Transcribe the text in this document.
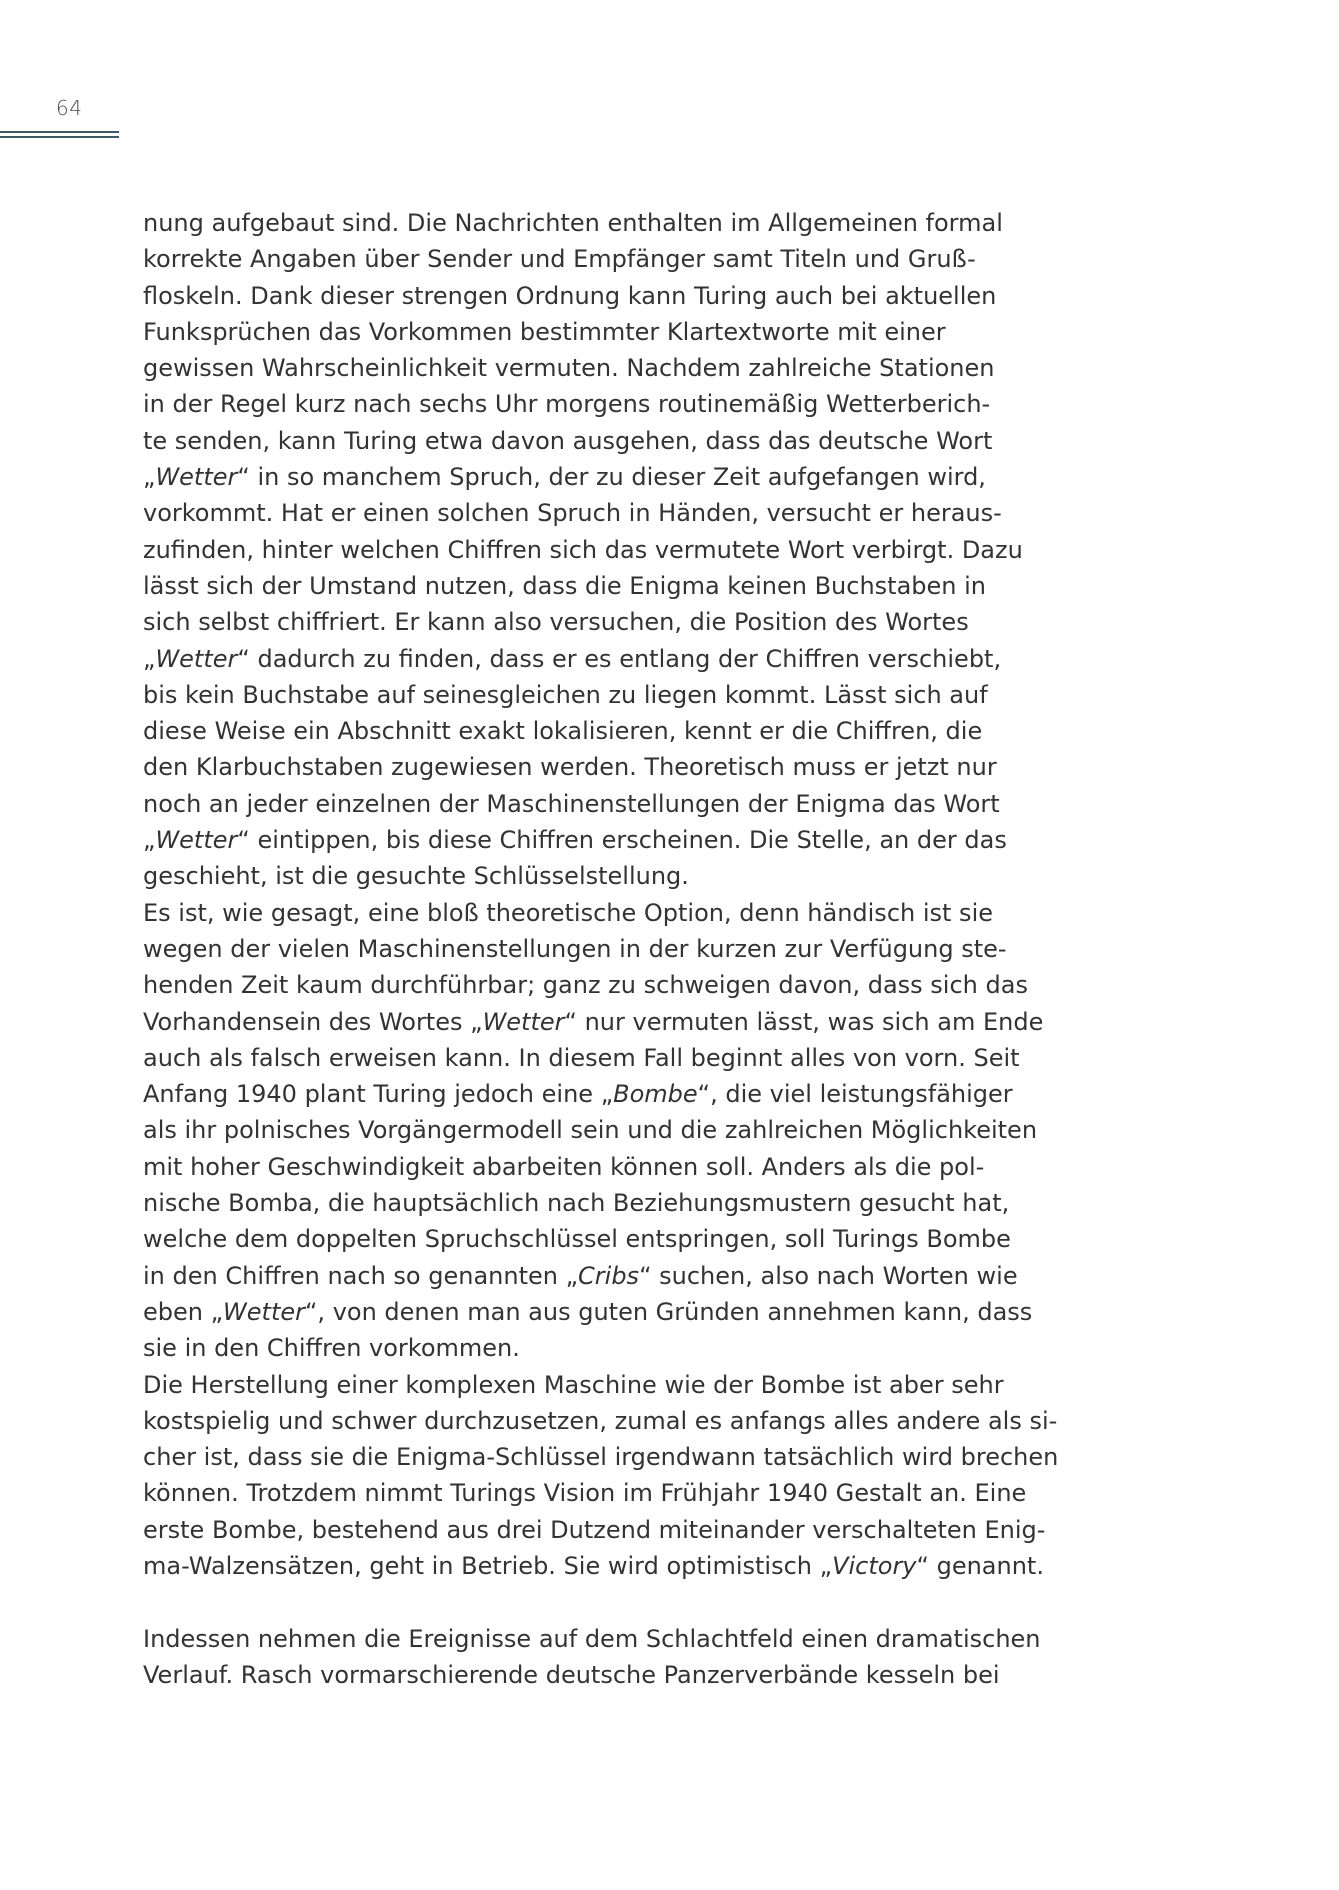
64
nung aufgebaut sind. Die Nachrichten enthalten im Allgemeinen formal
korrekte Angaben über Sender und Empfänger samt Titeln und Gruß-
floskeln. Dank dieser strengen Ordnung kann Turing auch bei aktuellen
Funksprüchen das Vorkommen bestimmter Klartextworte mit einer
gewissen Wahrscheinlichkeit vermuten. Nachdem zahlreiche Stationen
in der Regel kurz nach sechs Uhr morgens routinemäßig Wetterberich-
te senden, kann Turing etwa davon ausgehen, dass das deutsche Wort
„Wetter“ in so manchem Spruch, der zu dieser Zeit aufgefangen wird,
vorkommt. Hat er einen solchen Spruch in Händen, versucht er heraus-
zufinden, hinter welchen Chiffren sich das vermutete Wort verbirgt. Dazu
lässt sich der Umstand nutzen, dass die Enigma keinen Buchstaben in
sich selbst chiffriert. Er kann also versuchen, die Position des Wortes
„Wetter“ dadurch zu finden, dass er es entlang der Chiffren verschiebt,
bis kein Buchstabe auf seinesgleichen zu liegen kommt. Lässt sich auf
diese Weise ein Abschnitt exakt lokalisieren, kennt er die Chiffren, die
den Klarbuchstaben zugewiesen werden. Theoretisch muss er jetzt nur
noch an jeder einzelnen der Maschinenstellungen der Enigma das Wort
„Wetter“ eintippen, bis diese Chiffren erscheinen. Die Stelle, an der das
geschieht, ist die gesuchte Schlüsselstellung.
Es ist, wie gesagt, eine bloß theoretische Option, denn händisch ist sie
wegen der vielen Maschinenstellungen in der kurzen zur Verfügung ste-
henden Zeit kaum durchführbar; ganz zu schweigen davon, dass sich das
Vorhandensein des Wortes „Wetter“ nur vermuten lässt, was sich am Ende
auch als falsch erweisen kann. In diesem Fall beginnt alles von vorn. Seit
Anfang 1940 plant Turing jedoch eine „Bombe“, die viel leistungsfähiger
als ihr polnisches Vorgängermodell sein und die zahlreichen Möglichkeiten
mit hoher Geschwindigkeit abarbeiten können soll. Anders als die pol-
nische Bomba, die hauptsächlich nach Beziehungsmustern gesucht hat,
welche dem doppelten Spruchschlüssel entspringen, soll Turings Bombe
in den Chiffren nach so genannten „Cribs“ suchen, also nach Worten wie
eben „Wetter“, von denen man aus guten Gründen annehmen kann, dass
sie in den Chiffren vorkommen.
Die Herstellung einer komplexen Maschine wie der Bombe ist aber sehr
kostspielig und schwer durchzusetzen, zumal es anfangs alles andere als si-
cher ist, dass sie die Enigma-Schlüssel irgendwann tatsächlich wird brechen
können. Trotzdem nimmt Turings Vision im Frühjahr 1940 Gestalt an. Eine
erste Bombe, bestehend aus drei Dutzend miteinander verschalteten Enig-
ma-Walzensätzen, geht in Betrieb. Sie wird optimistisch „Victory“ genannt.
Indessen nehmen die Ereignisse auf dem Schlachtfeld einen dramatischen
Verlauf. Rasch vormarschierende deutsche Panzerverbände kesseln bei
